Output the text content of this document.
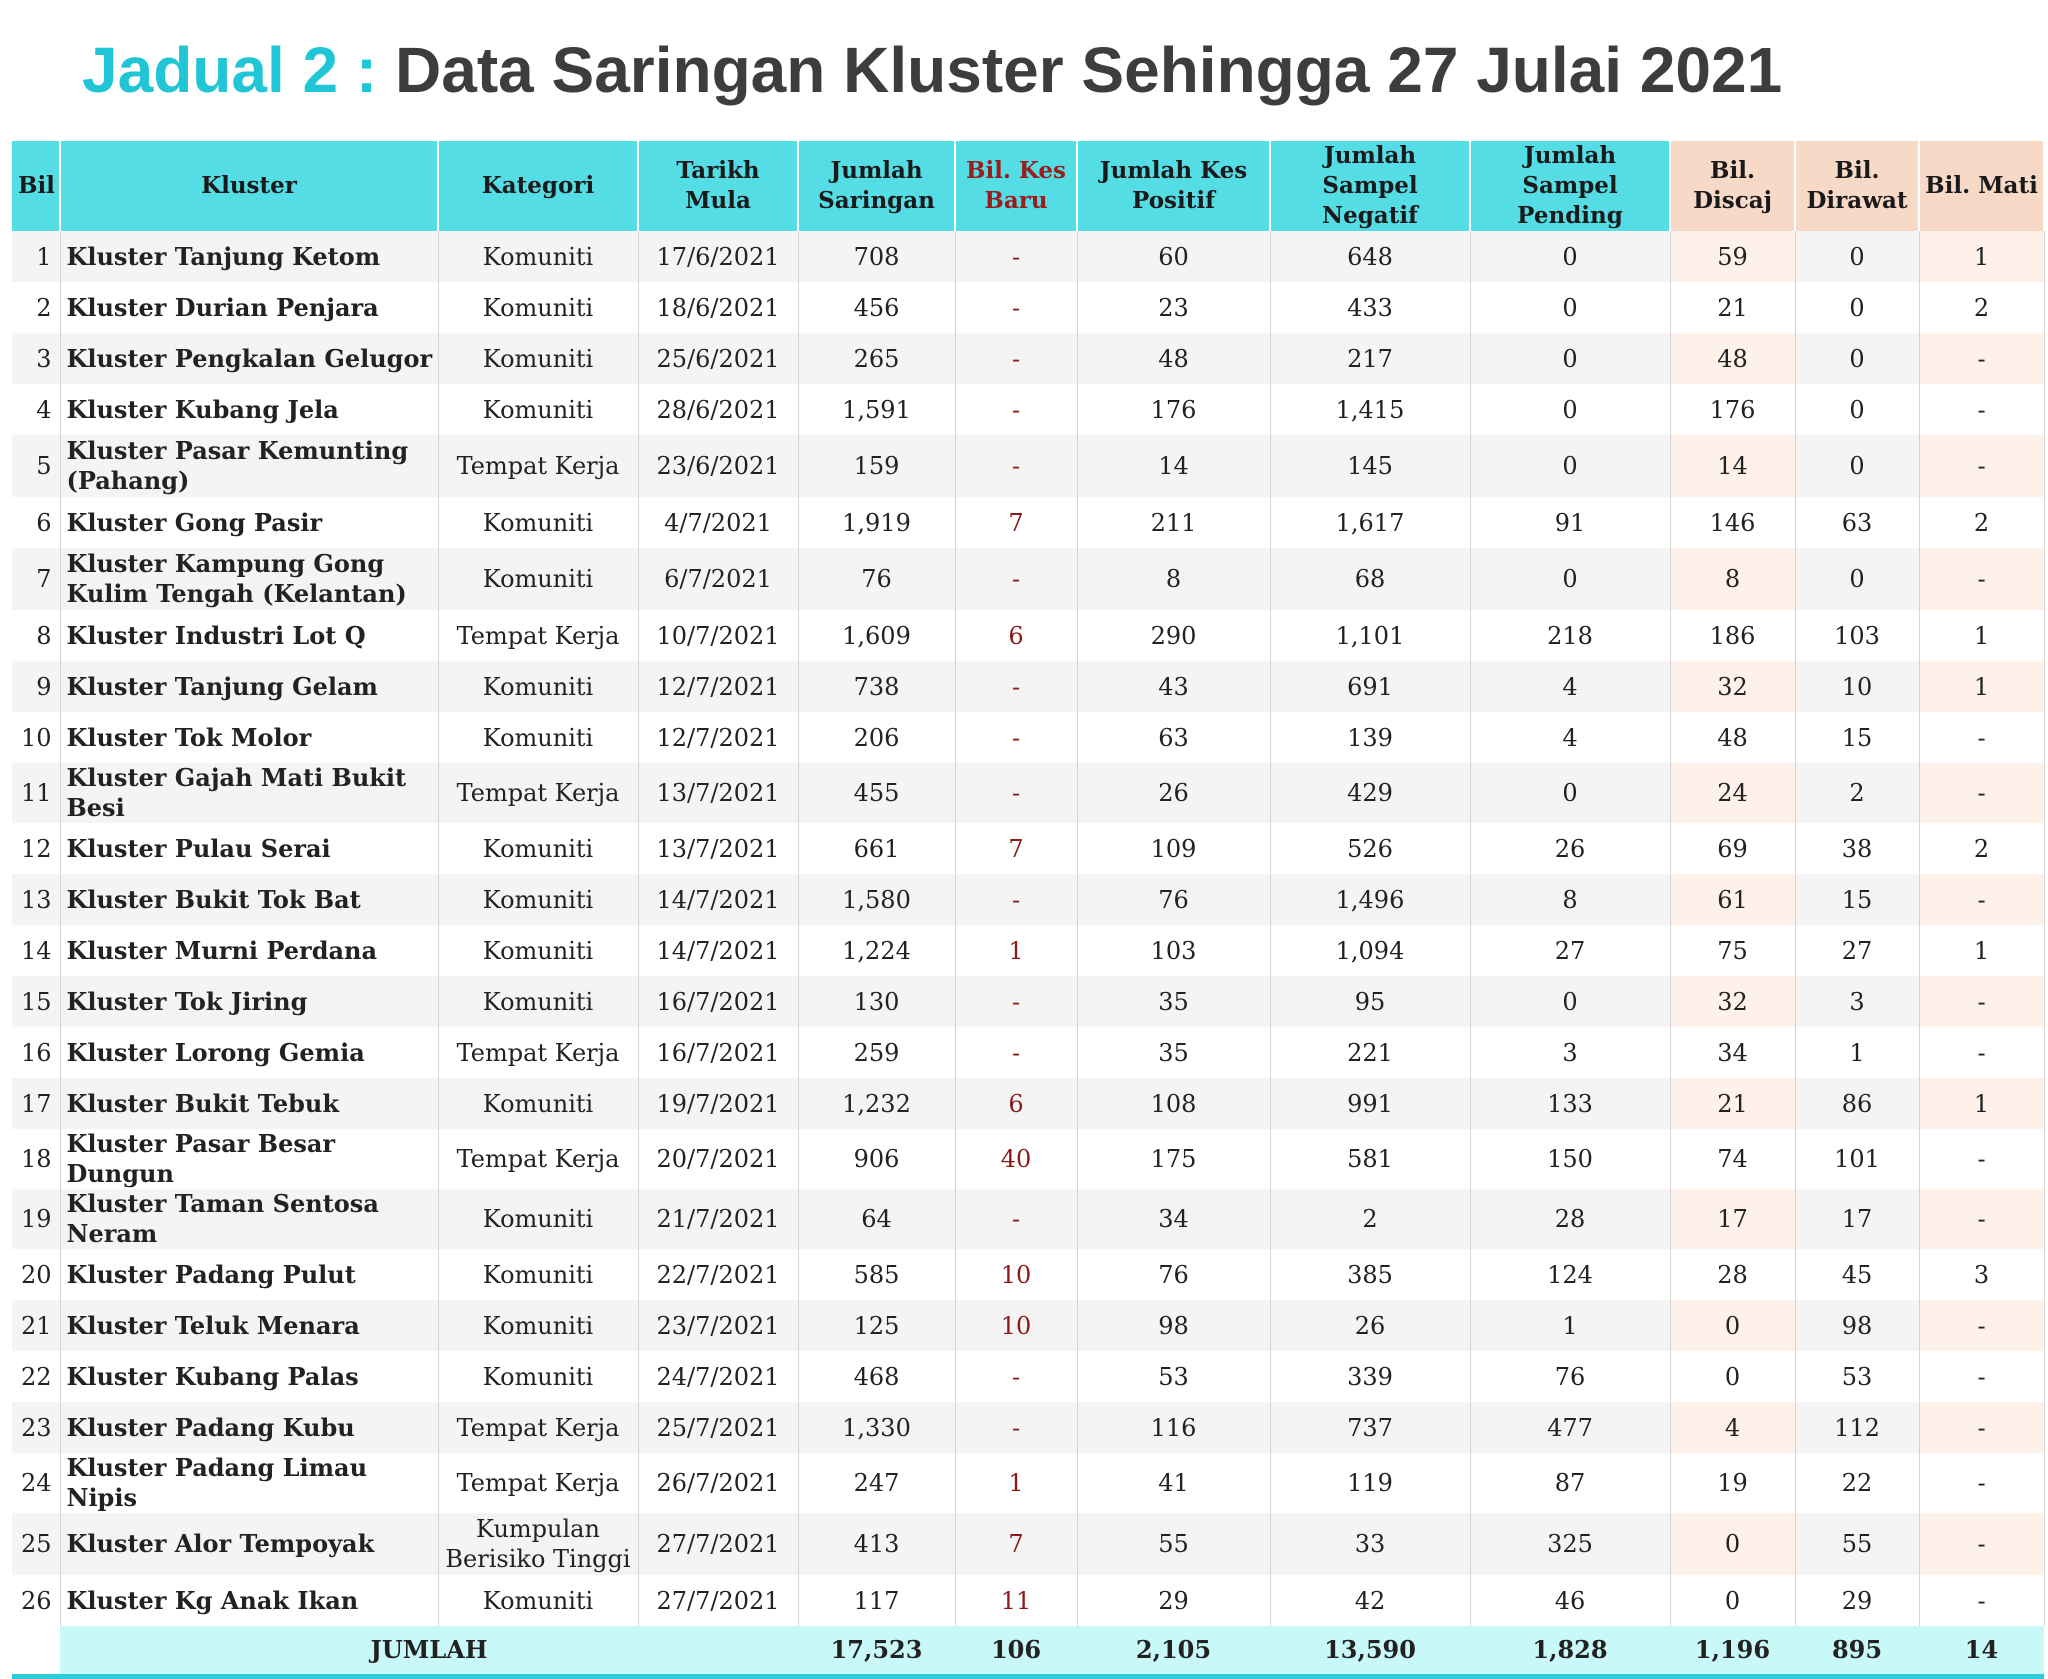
Jadual 2 : Data Saringan Kluster Sehingga 27 Julai 2021
Bil	Kluster	Kategori	Tarikh Mula	Jumlah Saringan	Bil. Kes Baru	Jumlah Kes Positif	Jumlah Sampel Negatif	Jumlah Sampel Pending	Bil. Discaj	Bil. Dirawat	Bil. Mati
1	Kluster Tanjung Ketom	Komuniti	17/6/2021	708	-	60	648	0	59	0	1
2	Kluster Durian Penjara	Komuniti	18/6/2021	456	-	23	433	0	21	0	2
3	Kluster Pengkalan Gelugor	Komuniti	25/6/2021	265	-	48	217	0	48	0	-
4	Kluster Kubang Jela	Komuniti	28/6/2021	1,591	-	176	1,415	0	176	0	-
5	Kluster Pasar Kemunting (Pahang)	Tempat Kerja	23/6/2021	159	-	14	145	0	14	0	-
6	Kluster Gong Pasir	Komuniti	4/7/2021	1,919	7	211	1,617	91	146	63	2
7	Kluster Kampung Gong Kulim Tengah (Kelantan)	Komuniti	6/7/2021	76	-	8	68	0	8	0	-
8	Kluster Industri Lot Q	Tempat Kerja	10/7/2021	1,609	6	290	1,101	218	186	103	1
9	Kluster Tanjung Gelam	Komuniti	12/7/2021	738	-	43	691	4	32	10	1
10	Kluster Tok Molor	Komuniti	12/7/2021	206	-	63	139	4	48	15	-
11	Kluster Gajah Mati Bukit Besi	Tempat Kerja	13/7/2021	455	-	26	429	0	24	2	-
12	Kluster Pulau Serai	Komuniti	13/7/2021	661	7	109	526	26	69	38	2
13	Kluster Bukit Tok Bat	Komuniti	14/7/2021	1,580	-	76	1,496	8	61	15	-
14	Kluster Murni Perdana	Komuniti	14/7/2021	1,224	1	103	1,094	27	75	27	1
15	Kluster Tok Jiring	Komuniti	16/7/2021	130	-	35	95	0	32	3	-
16	Kluster Lorong Gemia	Tempat Kerja	16/7/2021	259	-	35	221	3	34	1	-
17	Kluster Bukit Tebuk	Komuniti	19/7/2021	1,232	6	108	991	133	21	86	1
18	Kluster Pasar Besar Dungun	Tempat Kerja	20/7/2021	906	40	175	581	150	74	101	-
19	Kluster Taman Sentosa Neram	Komuniti	21/7/2021	64	-	34	2	28	17	17	-
20	Kluster Padang Pulut	Komuniti	22/7/2021	585	10	76	385	124	28	45	3
21	Kluster Teluk Menara	Komuniti	23/7/2021	125	10	98	26	1	0	98	-
22	Kluster Kubang Palas	Komuniti	24/7/2021	468	-	53	339	76	0	53	-
23	Kluster Padang Kubu	Tempat Kerja	25/7/2021	1,330	-	116	737	477	4	112	-
24	Kluster Padang Limau Nipis	Tempat Kerja	26/7/2021	247	1	41	119	87	19	22	-
25	Kluster Alor Tempoyak	Kumpulan Berisiko Tinggi	27/7/2021	413	7	55	33	325	0	55	-
26	Kluster Kg Anak Ikan	Komuniti	27/7/2021	117	11	29	42	46	0	29	-
	JUMLAH			17,523	106	2,105	13,590	1,828	1,196	895	14
